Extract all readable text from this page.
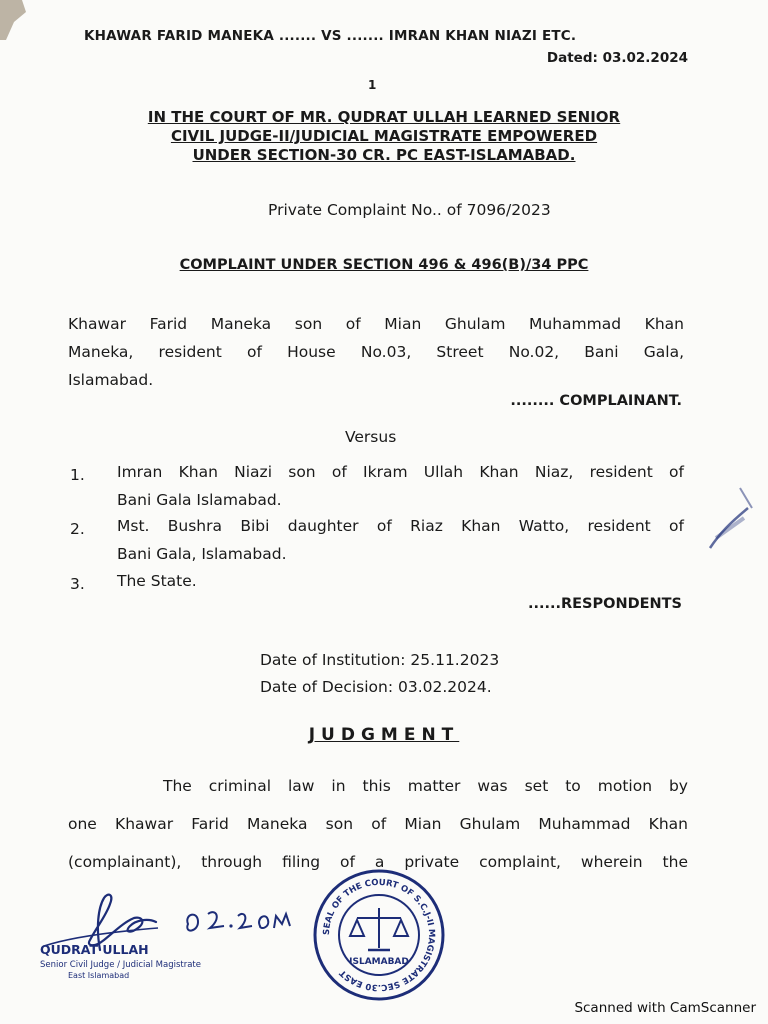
KHAWAR FARID MANEKA ....... VS ....... IMRAN KHAN NIAZI ETC.
Dated: 03.02.2024
1
IN THE COURT OF MR. QUDRAT ULLAH LEARNED SENIOR
CIVIL JUDGE-II/JUDICIAL MAGISTRATE EMPOWERED
UNDER SECTION-30 CR. PC EAST-ISLAMABAD.
Private Complaint No.. of 7096/2023
COMPLAINT UNDER SECTION 496 & 496(B)/34 PPC
Khawar Farid Maneka son of Mian Ghulam Muhammad Khan
Maneka, resident of House No.03, Street No.02, Bani Gala,
Islamabad.
........ COMPLAINANT.
Versus
1. Imran Khan Niazi son of Ikram Ullah Khan Niaz, resident of
Bani Gala Islamabad.
2. Mst. Bushra Bibi daughter of Riaz Khan Watto, resident of
Bani Gala, Islamabad.
3. The State.
......RESPONDENTS
Date of Institution: 25.11.2023
Date of Decision: 03.02.2024.
JUDGMENT
The criminal law in this matter was set to motion by
one Khawar Farid Maneka son of Mian Ghulam Muhammad Khan
(complainant), through filing of a private complaint, wherein the
QUDRAT ULLAH
Senior Civil Judge / Judicial Magistrate
East Islamabad
SEAL OF THE COURT OF S.C.J-II MAGISTRATE SEC.30 EAST
ISLAMABAD
Scanned with CamScanner
